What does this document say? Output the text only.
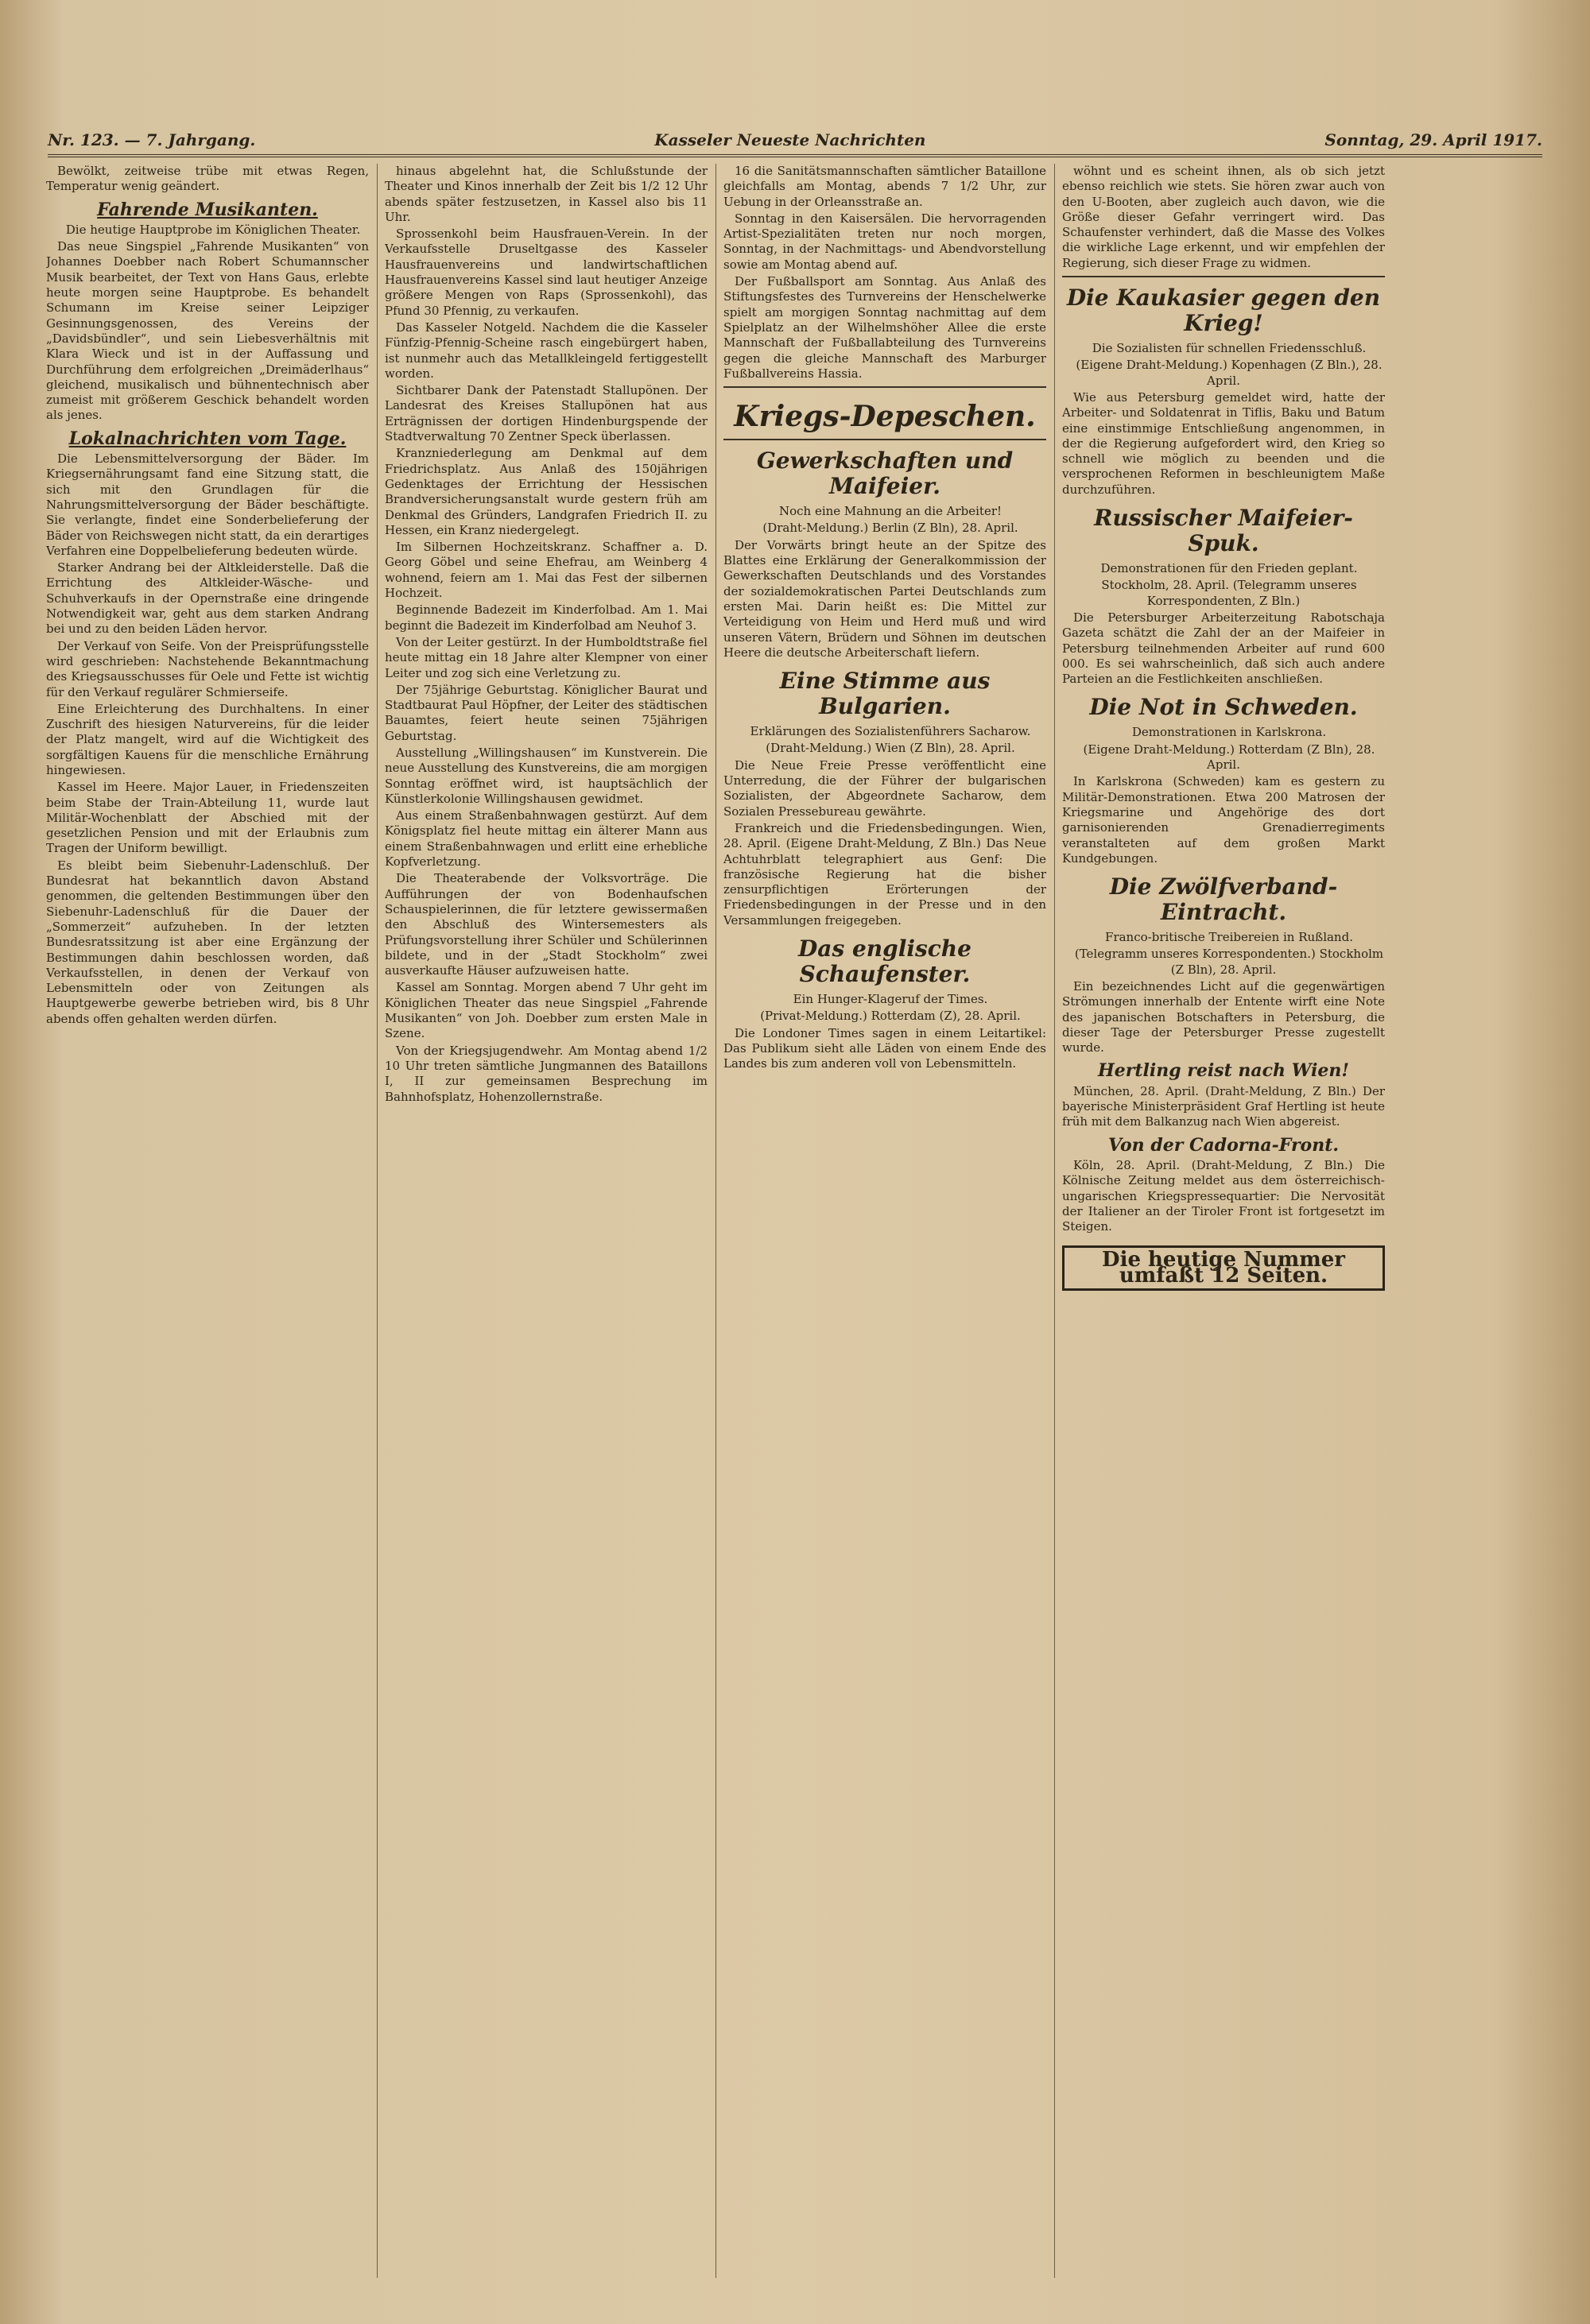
Nr. 123. — 7. Jahrgang.	Kasseler Neueste Nachrichten	Sonntag, 29. April 1917.

Bewölkt, zeitweise trübe mit etwas Regen, Temperatur wenig geändert.

Fahrende Musikanten.

Die heutige Hauptprobe im Königlichen Theater.

Das neue Singspiel „Fahrende Musikanten“ von Johannes Doebber nach Robert Schumannscher Musik bearbeitet, der Text von Hans Gaus, erlebte heute morgen seine Hauptprobe. Es behandelt Schumann im Kreise seiner Leipziger Gesinnungsgenossen, des Vereins der „Davidsbündler“, und sein Liebesverhältnis mit Klara Wieck und ist in der Auffassung und Durchführung dem erfolgreichen „Dreimäderlhaus“ gleichend, musikalisch und bühnentechnisch aber zumeist mit größerem Geschick behandelt worden als jenes.

Lokalnachrichten vom Tage.

Die Lebensmittelversorgung der Bäder. Im Kriegsernährungsamt fand eine Sitzung statt, die sich mit den Grundlagen für die Nahrungsmittelversorgung der Bäder beschäftigte. Sie verlangte, findet eine Sonderbelieferung der Bäder von Reichswegen nicht statt, da ein derartiges Verfahren eine Doppelbelieferung bedeuten würde.

Starker Andrang bei der Altkleiderstelle. Daß die Errichtung des Altkleider-Wäsche- und Schuhverkaufs in der Opernstraße eine dringende Notwendigkeit war, geht aus dem starken Andrang bei und zu den beiden Läden hervor.

Der Verkauf von Seife. Von der Preisprüfungsstelle wird geschrieben: Nachstehende Bekanntmachung des Kriegsausschusses für Oele und Fette ist wichtig für den Verkauf regulärer Schmierseife.

Eine Erleichterung des Durchhaltens. In einer Zuschrift des hiesigen Naturvereins, für die leider der Platz mangelt, wird auf die Wichtigkeit des sorgfältigen Kauens für die menschliche Ernährung hingewiesen.

Kassel im Heere. Major Lauer, in Friedenszeiten beim Stabe der Train-Abteilung 11, wurde laut Militär-Wochenblatt der Abschied mit der gesetzlichen Pension und mit der Erlaubnis zum Tragen der Uniform bewilligt.

Es bleibt beim Siebenuhr-Ladenschluß. Der Bundesrat hat bekanntlich davon Abstand genommen, die geltenden Bestimmungen über den Siebenuhr-Ladenschluß für die Dauer der „Sommerzeit“ aufzuheben. In der letzten Bundesratssitzung ist aber eine Ergänzung der Bestimmungen dahin beschlossen worden, daß Verkaufsstellen, in denen der Verkauf von Lebensmitteln oder von Zeitungen als Hauptgewerbe gewerbe betrieben wird, bis 8 Uhr abends offen gehalten werden dürfen.

hinaus abgelehnt hat, die Schlußstunde der Theater und Kinos innerhalb der Zeit bis 1/2 12 Uhr abends später festzusetzen, in Kassel also bis 11 Uhr.

Sprossenkohl beim Hausfrauen-Verein. In der Verkaufsstelle Druseltgasse des Kasseler Hausfrauenvereins und landwirtschaftlichen Hausfrauenvereins Kassel sind laut heutiger Anzeige größere Mengen von Raps (Sprossenkohl), das Pfund 30 Pfennig, zu verkaufen.

Das Kasseler Notgeld. Nachdem die die Kasseler Fünfzig-Pfennig-Scheine rasch eingebürgert haben, ist nunmehr auch das Metallkleingeld fertiggestellt worden.

Sichtbarer Dank der Patenstadt Stallupönen. Der Landesrat des Kreises Stallupönen hat aus Erträgnissen der dortigen Hindenburgspende der Stadtverwaltung 70 Zentner Speck überlassen.

Kranzniederlegung am Denkmal auf dem Friedrichsplatz. Aus Anlaß des 150jährigen Gedenktages der Errichtung der Hessischen Brandversicherungsanstalt wurde gestern früh am Denkmal des Gründers, Landgrafen Friedrich II. zu Hessen, ein Kranz niedergelegt.

Im Silbernen Hochzeitskranz. Schaffner a. D. Georg Göbel und seine Ehefrau, am Weinberg 4 wohnend, feiern am 1. Mai das Fest der silbernen Hochzeit.

Beginnende Badezeit im Kinderfolbad. Am 1. Mai beginnt die Badezeit im Kinderfolbad am Neuhof 3.

Von der Leiter gestürzt. In der Humboldtstraße fiel heute mittag ein 18 Jahre alter Klempner von einer Leiter und zog sich eine Verletzung zu.

Der 75jährige Geburtstag. Königlicher Baurat und Stadtbaurat Paul Höpfner, der Leiter des städtischen Bauamtes, feiert heute seinen 75jährigen Geburtstag.

Ausstellung „Willingshausen“ im Kunstverein. Die neue Ausstellung des Kunstvereins, die am morgigen Sonntag eröffnet wird, ist hauptsächlich der Künstlerkolonie Willingshausen gewidmet.

Aus einem Straßenbahnwagen gestürzt. Auf dem Königsplatz fiel heute mittag ein älterer Mann aus einem Straßenbahnwagen und erlitt eine erhebliche Kopfverletzung.

Die Theaterabende der Volksvorträge. Die Aufführungen der von Bodenhaufschen Schauspielerinnen, die für letztere gewissermaßen den Abschluß des Wintersemesters als Prüfungsvorstellung ihrer Schüler und Schülerinnen bildete, und in der „Stadt Stockholm“ zwei ausverkaufte Häuser aufzuweisen hatte.

Kassel am Sonntag. Morgen abend 7 Uhr geht im Königlichen Theater das neue Singspiel „Fahrende Musikanten“ von Joh. Doebber zum ersten Male in Szene.

Von der Kriegsjugendwehr. Am Montag abend 1/2 10 Uhr treten sämtliche Jungmannen des Bataillons I, II zur gemeinsamen Besprechung im Bahnhofsplatz, Hohenzollernstraße.

16 die Sanitätsmannschaften sämtlicher Bataillone gleichfalls am Montag, abends 7 1/2 Uhr, zur Uebung in der Orleansstraße an.

Sonntag in den Kaisersälen. Die hervorragenden Artist-Spezialitäten treten nur noch morgen, Sonntag, in der Nachmittags- und Abendvorstellung sowie am Montag abend auf.

Der Fußballsport am Sonntag. Aus Anlaß des Stiftungsfestes des Turnvereins der Henschelwerke spielt am morgigen Sonntag nachmittag auf dem Spielplatz an der Wilhelmshöher Allee die erste Mannschaft der Fußballabteilung des Turnvereins gegen die gleiche Mannschaft des Marburger Fußballvereins Hassia.

Kriegs-Depeschen.
Gewerkschaften und Maifeier.

Noch eine Mahnung an die Arbeiter!

(Draht-Meldung.) Berlin (Z Bln), 28. April.

Der Vorwärts bringt heute an der Spitze des Blattes eine Erklärung der Generalkommission der Gewerkschaften Deutschlands und des Vorstandes der sozialdemokratischen Partei Deutschlands zum ersten Mai. Darin heißt es: Die Mittel zur Verteidigung von Heim und Herd muß und wird unseren Vätern, Brüdern und Söhnen im deutschen Heere die deutsche Arbeiterschaft liefern.

Eine Stimme aus Bulgarien.

Erklärungen des Sozialistenführers Sacharow.

(Draht-Meldung.) Wien (Z Bln), 28. April.

Die Neue Freie Presse veröffentlicht eine Unterredung, die der Führer der bulgarischen Sozialisten, der Abgeordnete Sacharow, dem Sozialen Pressebureau gewährte.

Frankreich und die Friedensbedingungen. Wien, 28. April. (Eigene Draht-Meldung, Z Bln.) Das Neue Achtuhrblatt telegraphiert aus Genf: Die französische Regierung hat die bisher zensurpflichtigen Erörterungen der Friedensbedingungen in der Presse und in den Versammlungen freigegeben.

Das englische Schaufenster.

Ein Hunger-Klageruf der Times.

(Privat-Meldung.) Rotterdam (Z), 28. April.

Die Londoner Times sagen in einem Leitartikel: Das Publikum sieht alle Läden von einem Ende des Landes bis zum anderen voll von Lebensmitteln.

wöhnt und es scheint ihnen, als ob sich jetzt ebenso reichlich wie stets. Sie hören zwar auch von den U-Booten, aber zugleich auch davon, wie die Größe dieser Gefahr verringert wird. Das Schaufenster verhindert, daß die Masse des Volkes die wirkliche Lage erkennt, und wir empfehlen der Regierung, sich dieser Frage zu widmen.

Die Kaukasier gegen den Krieg!

Die Sozialisten für schnellen Friedensschluß.

(Eigene Draht-Meldung.) Kopenhagen (Z Bln.), 28. April.

Wie aus Petersburg gemeldet wird, hatte der Arbeiter- und Soldatenrat in Tiflis, Baku und Batum eine einstimmige Entschließung angenommen, in der die Regierung aufgefordert wird, den Krieg so schnell wie möglich zu beenden und die versprochenen Reformen in beschleunigtem Maße durchzuführen.

Russischer Maifeier-Spuk.

Demonstrationen für den Frieden geplant.

Stockholm, 28. April. (Telegramm unseres Korrespondenten, Z Bln.)

Die Petersburger Arbeiterzeitung Rabotschaja Gazeta schätzt die Zahl der an der Maifeier in Petersburg teilnehmenden Arbeiter auf rund 600 000. Es sei wahrscheinlich, daß sich auch andere Parteien an die Festlichkeiten anschließen.

Die Not in Schweden.

Demonstrationen in Karlskrona.

(Eigene Draht-Meldung.) Rotterdam (Z Bln), 28. April.

In Karlskrona (Schweden) kam es gestern zu Militär-Demonstrationen. Etwa 200 Matrosen der Kriegsmarine und Angehörige des dort garnisonierenden Grenadierregiments veranstalteten auf dem großen Markt Kundgebungen.

Die Zwölfverband-Eintracht.

Franco-britische Treibereien in Rußland.

(Telegramm unseres Korrespondenten.) Stockholm (Z Bln), 28. April.

Ein bezeichnendes Licht auf die gegenwärtigen Strömungen innerhalb der Entente wirft eine Note des japanischen Botschafters in Petersburg, die dieser Tage der Petersburger Presse zugestellt wurde.

Hertling reist nach Wien!

München, 28. April. (Draht-Meldung, Z Bln.) Der bayerische Ministerpräsident Graf Hertling ist heute früh mit dem Balkanzug nach Wien abgereist.

Von der Cadorna-Front.

Köln, 28. April. (Draht-Meldung, Z Bln.) Die Kölnische Zeitung meldet aus dem österreichisch-ungarischen Kriegspressequartier: Die Nervosität der Italiener an der Tiroler Front ist fortgesetzt im Steigen.

Die heutige Nummer umfaßt 12 Seiten.
